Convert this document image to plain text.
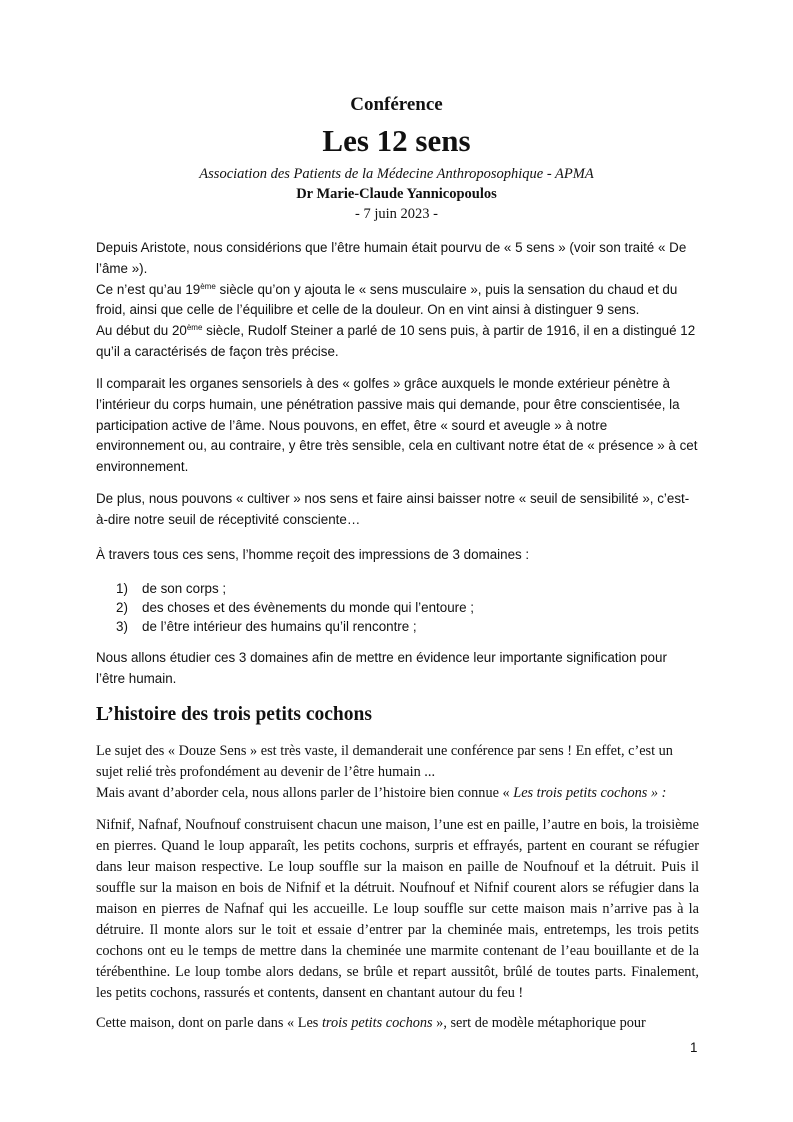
Conférence
Les 12 sens
Association des Patients de la Médecine Anthroposophique - APMA
Dr Marie-Claude Yannicopoulos
- 7 juin 2023 -

Depuis Aristote, nous considérions que l’être humain était pourvu de « 5 sens » (voir son traité « De

l’âme »).

Ce n’est qu’au 19ème siècle qu’on y ajouta le « sens musculaire », puis la sensation du chaud et du

froid, ainsi que celle de l’équilibre et celle de la douleur. On en vint ainsi à distinguer 9 sens.

Au début du 20ème siècle, Rudolf Steiner a parlé de 10 sens puis, à partir de 1916, il en a distingué 12

qu’il a caractérisés de façon très précise.

Il comparait les organes sensoriels à des « golfes » grâce auxquels le monde extérieur pénètre à l’intérieur du corps humain, une pénétration passive mais qui demande, pour être conscientisée, la participation active de l’âme. Nous pouvons, en effet, être « sourd et aveugle » à notre environnement ou, au contraire, y être très sensible, cela en cultivant notre état de « présence » à cet environnement.

De plus, nous pouvons « cultiver » nos sens et faire ainsi baisser notre « seuil de sensibilité », c’est-à-dire notre seuil de réceptivité consciente…

À travers tous ces sens, l’homme reçoit des impressions de 3 domaines :

1)	de son corps ;
2)	des choses et des évènements du monde qui l’entoure ;
3)	de l’être intérieur des humains qu’il rencontre ;

Nous allons étudier ces 3 domaines afin de mettre en évidence leur importante signification pour l’être humain.

L’histoire des trois petits cochons

Le sujet des « Douze Sens » est très vaste, il demanderait une conférence par sens ! En effet, c’est un sujet relié très profondément au devenir de l’être humain ...

Mais avant d’aborder cela, nous allons parler de l’histoire bien connue « Les trois petits cochons » :

Nifnif, Nafnaf, Noufnouf construisent chacun une maison, l’une est en paille, l’autre en bois, la troisième en pierres. Quand le loup apparaît, les petits cochons, surpris et effrayés, partent en courant se réfugier dans leur maison respective. Le loup souffle sur la maison en paille de Noufnouf et la détruit. Puis il souffle sur la maison en bois de Nifnif et la détruit. Noufnouf et Nifnif courent alors se réfugier dans la maison en pierres de Nafnaf qui les accueille. Le loup souffle sur cette maison mais n’arrive pas à la détruire. Il monte alors sur le toit et essaie d’entrer par la cheminée mais, entretemps, les trois petits cochons ont eu le temps de mettre dans la cheminée une marmite contenant de l’eau bouillante et de la térébenthine. Le loup tombe alors dedans, se brûle et repart aussitôt, brûlé de toutes parts. Finalement, les petits cochons, rassurés et contents, dansent en chantant autour du feu !

Cette maison, dont on parle dans « Les trois petits cochons », sert de modèle métaphorique pour

1
